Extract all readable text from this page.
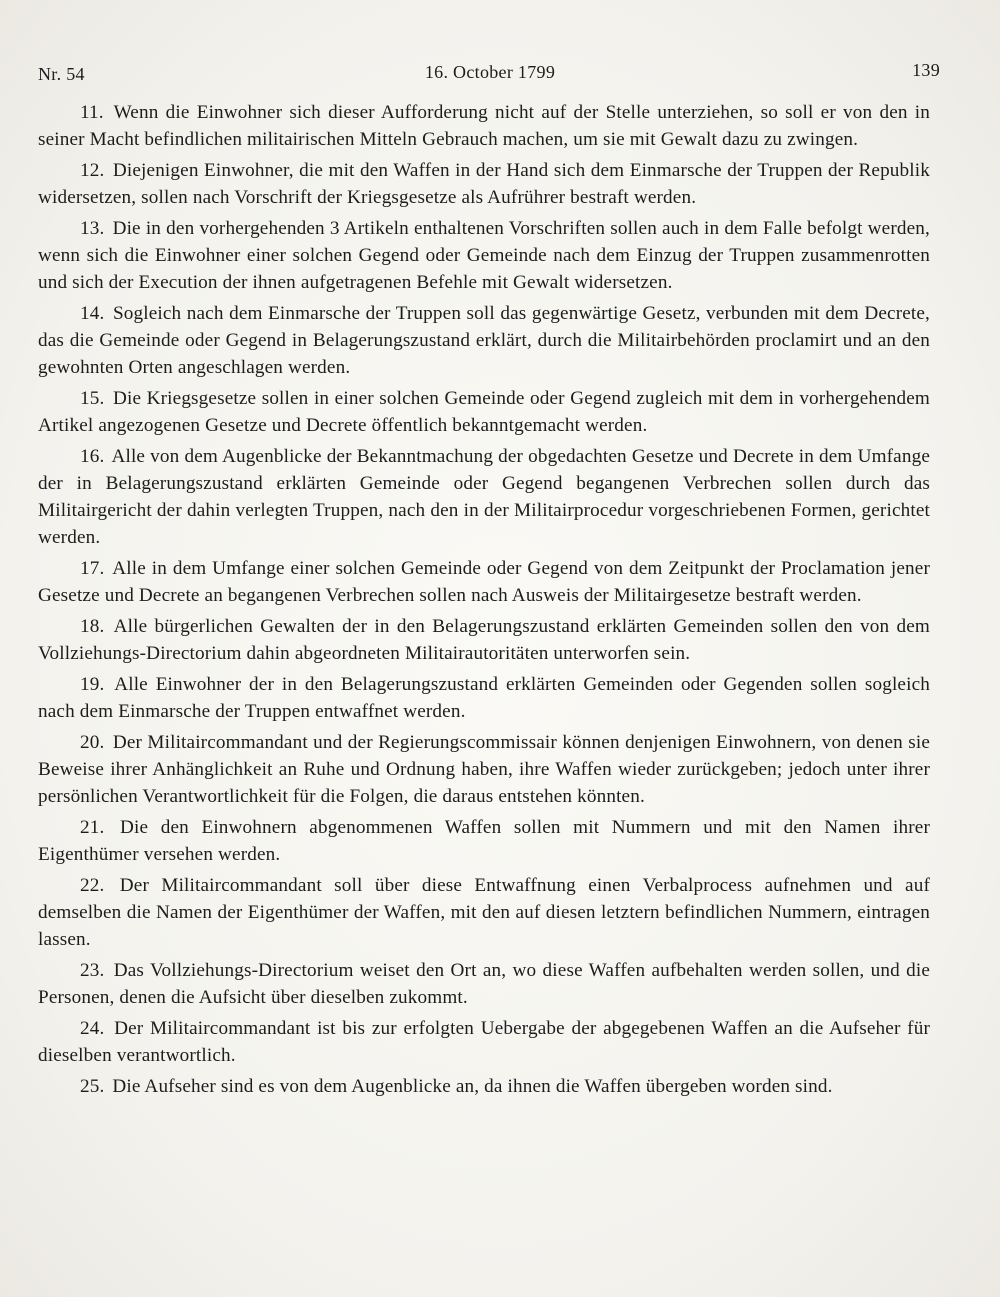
Nr. 54	16. October 1799	139

11. Wenn die Einwohner sich dieser Aufforderung nicht auf der Stelle unterziehen, so soll er von den in seiner Macht befindlichen militairischen Mitteln Gebrauch machen, um sie mit Gewalt dazu zu zwingen.

12. Diejenigen Einwohner, die mit den Waffen in der Hand sich dem Einmarsche der Truppen der Republik widersetzen, sollen nach Vorschrift der Kriegsgesetze als Aufrührer bestraft werden.

13. Die in den vorhergehenden 3 Artikeln enthaltenen Vorschriften sollen auch in dem Falle befolgt werden, wenn sich die Einwohner einer solchen Gegend oder Gemeinde nach dem Einzug der Truppen zusammenrotten und sich der Execution der ihnen aufgetragenen Befehle mit Gewalt widersetzen.

14. Sogleich nach dem Einmarsche der Truppen soll das gegenwärtige Gesetz, verbunden mit dem Decrete, das die Gemeinde oder Gegend in Belagerungszustand erklärt, durch die Militairbehörden proclamirt und an den gewohnten Orten angeschlagen werden.

15. Die Kriegsgesetze sollen in einer solchen Gemeinde oder Gegend zugleich mit dem in vorhergehendem Artikel angezogenen Gesetze und Decrete öffentlich bekanntgemacht werden.

16. Alle von dem Augenblicke der Bekanntmachung der obgedachten Gesetze und Decrete in dem Umfange der in Belagerungszustand erklärten Gemeinde oder Gegend begangenen Verbrechen sollen durch das Militairgericht der dahin verlegten Truppen, nach den in der Militairprocedur vorgeschriebenen Formen, gerichtet werden.

17. Alle in dem Umfange einer solchen Gemeinde oder Gegend von dem Zeitpunkt der Proclamation jener Gesetze und Decrete an begangenen Verbrechen sollen nach Ausweis der Militairgesetze bestraft werden.

18. Alle bürgerlichen Gewalten der in den Belagerungszustand erklärten Gemeinden sollen den von dem Vollziehungs-Directorium dahin abgeordneten Militairautoritäten unterworfen sein.

19. Alle Einwohner der in den Belagerungszustand erklärten Gemeinden oder Gegenden sollen sogleich nach dem Einmarsche der Truppen entwaffnet werden.

20. Der Militaircommandant und der Regierungscommissair können denjenigen Einwohnern, von denen sie Beweise ihrer Anhänglichkeit an Ruhe und Ordnung haben, ihre Waffen wieder zurückgeben; jedoch unter ihrer persönlichen Verantwortlichkeit für die Folgen, die daraus entstehen könnten.

21. Die den Einwohnern abgenommenen Waffen sollen mit Nummern und mit den Namen ihrer Eigenthümer versehen werden.

22. Der Militaircommandant soll über diese Entwaffnung einen Verbalprocess aufnehmen und auf demselben die Namen der Eigenthümer der Waffen, mit den auf diesen letztern befindlichen Nummern, eintragen lassen.

23. Das Vollziehungs-Directorium weiset den Ort an, wo diese Waffen aufbehalten werden sollen, und die Personen, denen die Aufsicht über dieselben zukommt.

24. Der Militaircommandant ist bis zur erfolgten Uebergabe der abgegebenen Waffen an die Aufseher für dieselben verantwortlich.

25. Die Aufseher sind es von dem Augenblicke an, da ihnen die Waffen übergeben worden sind.
